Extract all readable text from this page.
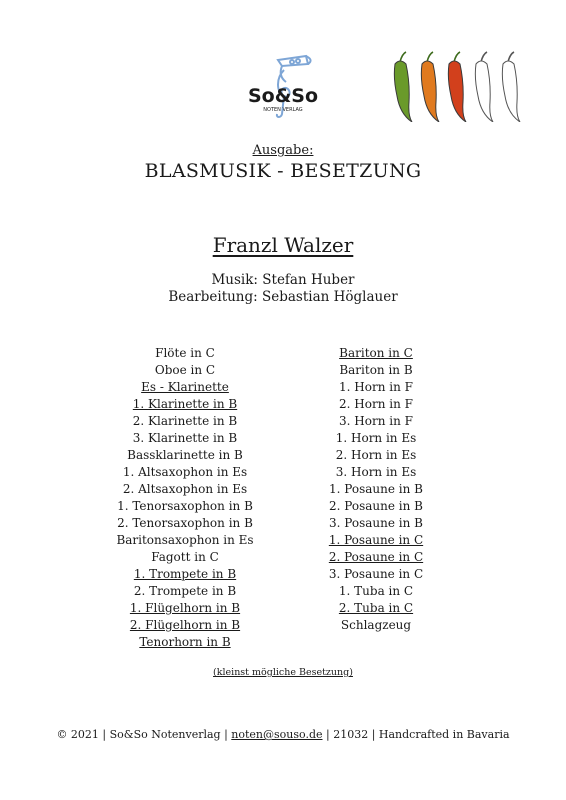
So&So
NOTEN VERLAG
Ausgabe:
BLASMUSIK - BESETZUNG
Franzl Walzer
Musik: Stefan Huber
Bearbeitung: Sebastian Höglauer
Flöte in C
Oboe in C
Es - Klarinette
1. Klarinette in B
2. Klarinette in B
3. Klarinette in B
Bassklarinette in B
1. Altsaxophon in Es
2. Altsaxophon in Es
1. Tenorsaxophon in B
2. Tenorsaxophon in B
Baritonsaxophon in Es
Fagott in C
1. Trompete in B
2. Trompete in B
1. Flügelhorn in B
2. Flügelhorn in B
Tenorhorn in B
Bariton in C
Bariton in B
1. Horn in F
2. Horn in F
3. Horn in F
1. Horn in Es
2. Horn in Es
3. Horn in Es
1. Posaune in B
2. Posaune in B
3. Posaune in B
1. Posaune in C
2. Posaune in C
3. Posaune in C
1. Tuba in C
2. Tuba in C
Schlagzeug
(kleinst mögliche Besetzung)
© 2021 | So&So Notenverlag | noten@souso.de | 21032 | Handcrafted in Bavaria
